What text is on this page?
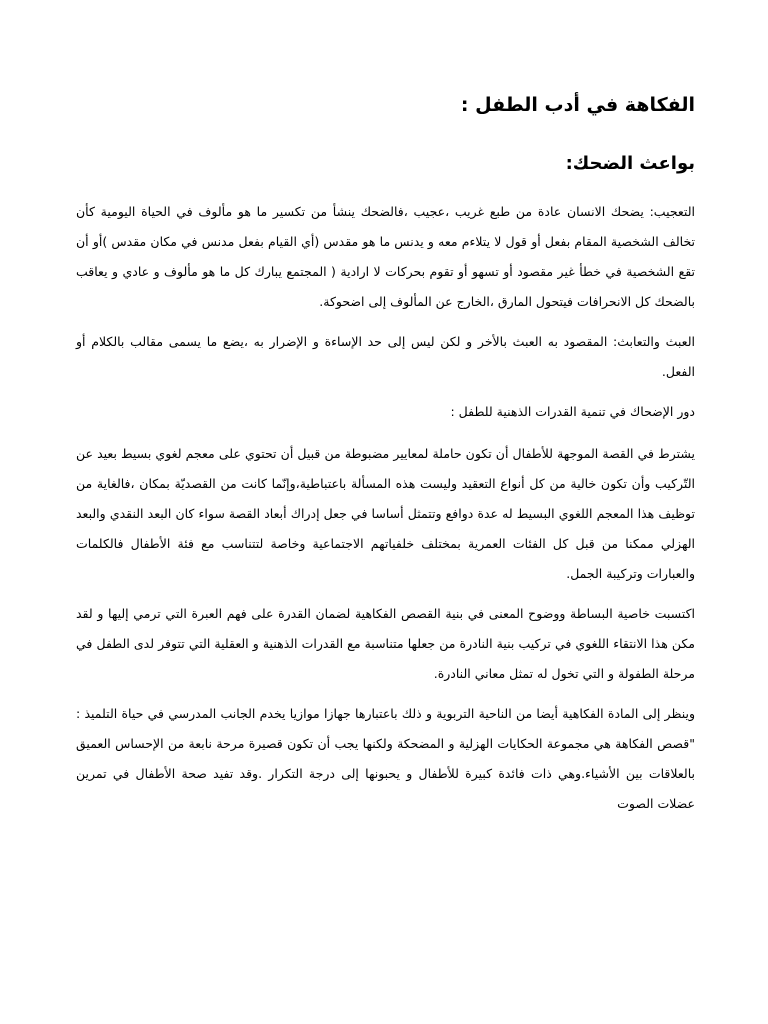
الفكاهة في أدب الطفل :
بواعث الضحك:

التعجيب: يضحك الانسان عادة من طبع غريب ،عجيب ،فالضحك ينشأ من تكسير ما هو مألوف في الحياة اليومية كأن تخالف الشخصية المقام بفعل أو قول لا يتلاءم معه و يدنس ما هو مقدس (أي القيام بفعل مدنس في مكان مقدس )أو أن تقع الشخصية في خطأ غير مقصود أو تسهو أو تقوم بحركات لا ارادية ( المجتمع يبارك كل ما هو مألوف و عادي و يعاقب بالضحك كل الانحرافات فيتحول المارق ،الخارج عن المألوف إلى اضحوكة.

العبث والتعابث: المقصود به العبث بالأخر و لكن ليس إلى حد الإساءة و الإضرار به ،يضع ما يسمى مقالب بالكلام أو الفعل.

دور الإضحاك في تنمية القدرات الذهنية للطفل :

يشترط في القصة الموجهة للأطفال أن تكون حاملة لمعايير مضبوطة من قبيل أن تحتوي على معجم لغوي بسيط بعيد عن التّركيب وأن تكون خالية من كل أنواع التعقيد وليست هذه المسألة باعتباطية،وإنّما كانت من القصديّة بمكان ،فالغاية من توظيف هذا المعجم اللغوي البسيط له عدة دوافع وتتمثل أساسا في جعل إدراك أبعاد القصة سواء كان البعد النقدي والبعد الهزلي ممكنا من قبل كل الفئات العمرية بمختلف خلفياتهم الاجتماعية وخاصة لتتناسب مع فئة الأطفال فالكلمات والعبارات وتركيبة الجمل.

اكتسبت خاصية البساطة ووضوح المعنى في بنية القصص الفكاهية لضمان القدرة على فهم العبرة التي ترمي إليها و لقد مكن هذا الانتقاء اللغوي في تركيب بنية النادرة من جعلها متناسبة مع القدرات الذهنية و العقلية التي تتوفر لدى الطفل في مرحلة الطفولة و التي تخول له تمثل معاني النادرة.

وينظر إلى المادة الفكاهية أيضا من الناحية التربوية و ذلك باعتبارها جهازا موازيا يخدم الجانب المدرسي في حياة التلميذ : "قصص الفكاهة هي مجموعة الحكايات الهزلية و المضحكة ولكنها يجب أن تكون قصيرة مرحة نابعة من الإحساس العميق بالعلاقات بين الأشياء.وهي ذات فائدة كبيرة للأطفال و يحبونها إلى درجة التكرار .وقد تفيد صحة الأطفال في تمرين عضلات الصوت
